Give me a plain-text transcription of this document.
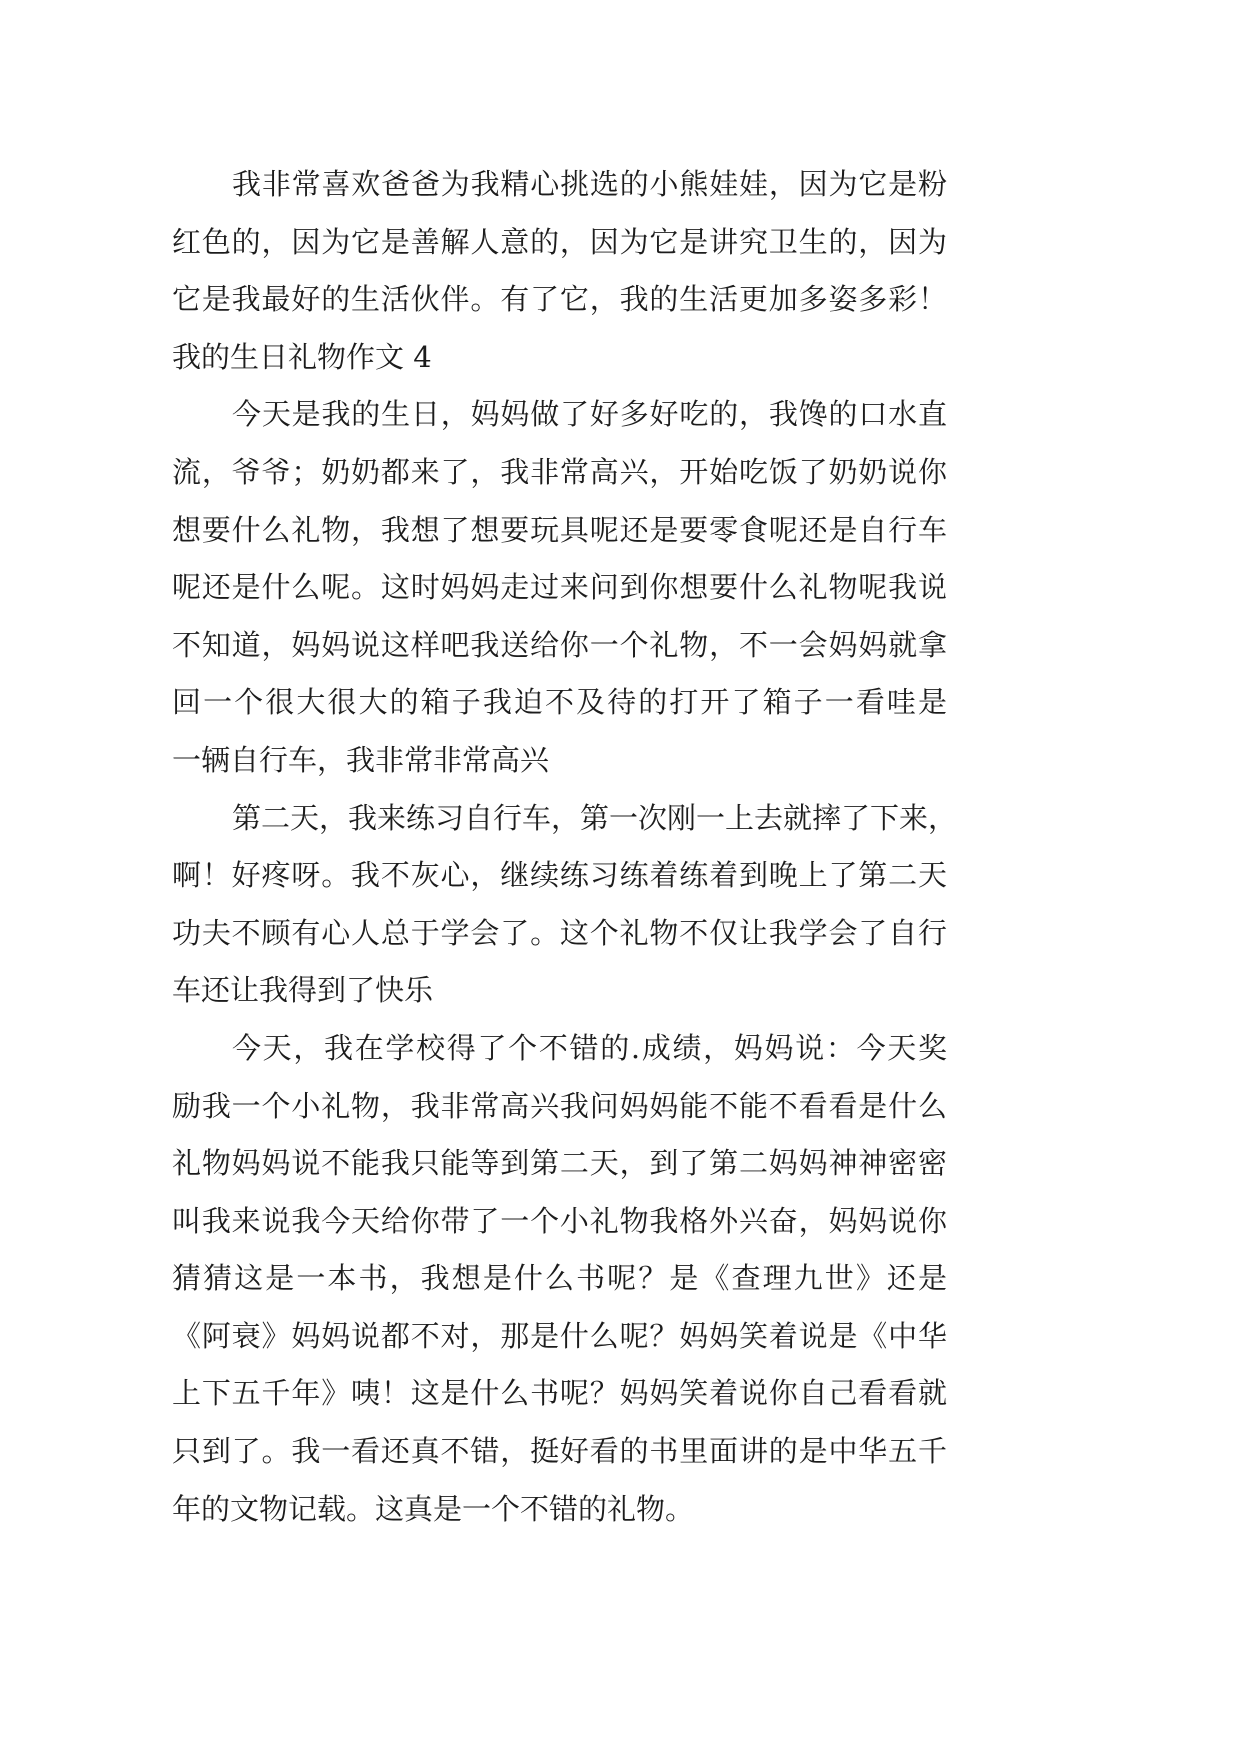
我非常喜欢爸爸为我精心挑选的小熊娃娃，因为它是粉
红色的，因为它是善解人意的，因为它是讲究卫生的，因为
它是我最好的生活伙伴。有了它，我的生活更加多姿多彩！
我的生日礼物作文 4
今天是我的生日，妈妈做了好多好吃的，我馋的口水直
流，爷爷；奶奶都来了，我非常高兴，开始吃饭了奶奶说你
想要什么礼物，我想了想要玩具呢还是要零食呢还是自行车
呢还是什么呢。这时妈妈走过来问到你想要什么礼物呢我说
不知道，妈妈说这样吧我送给你一个礼物，不一会妈妈就拿
回一个很大很大的箱子我迫不及待的打开了箱子一看哇是
一辆自行车，我非常非常高兴
第二天，我来练习自行车，第一次刚一上去就摔了下来，
啊！好疼呀。我不灰心，继续练习练着练着到晚上了第二天
功夫不顾有心人总于学会了。这个礼物不仅让我学会了自行
车还让我得到了快乐
今天，我在学校得了个不错的.成绩，妈妈说：今天奖
励我一个小礼物，我非常高兴我问妈妈能不能不看看是什么
礼物妈妈说不能我只能等到第二天，到了第二妈妈神神密密
叫我来说我今天给你带了一个小礼物我格外兴奋，妈妈说你
猜猜这是一本书，我想是什么书呢？是《查理九世》还是
《阿衰》妈妈说都不对，那是什么呢？妈妈笑着说是《中华
上下五千年》咦！这是什么书呢？妈妈笑着说你自己看看就
只到了。我一看还真不错，挺好看的书里面讲的是中华五千
年的文物记载。这真是一个不错的礼物。
